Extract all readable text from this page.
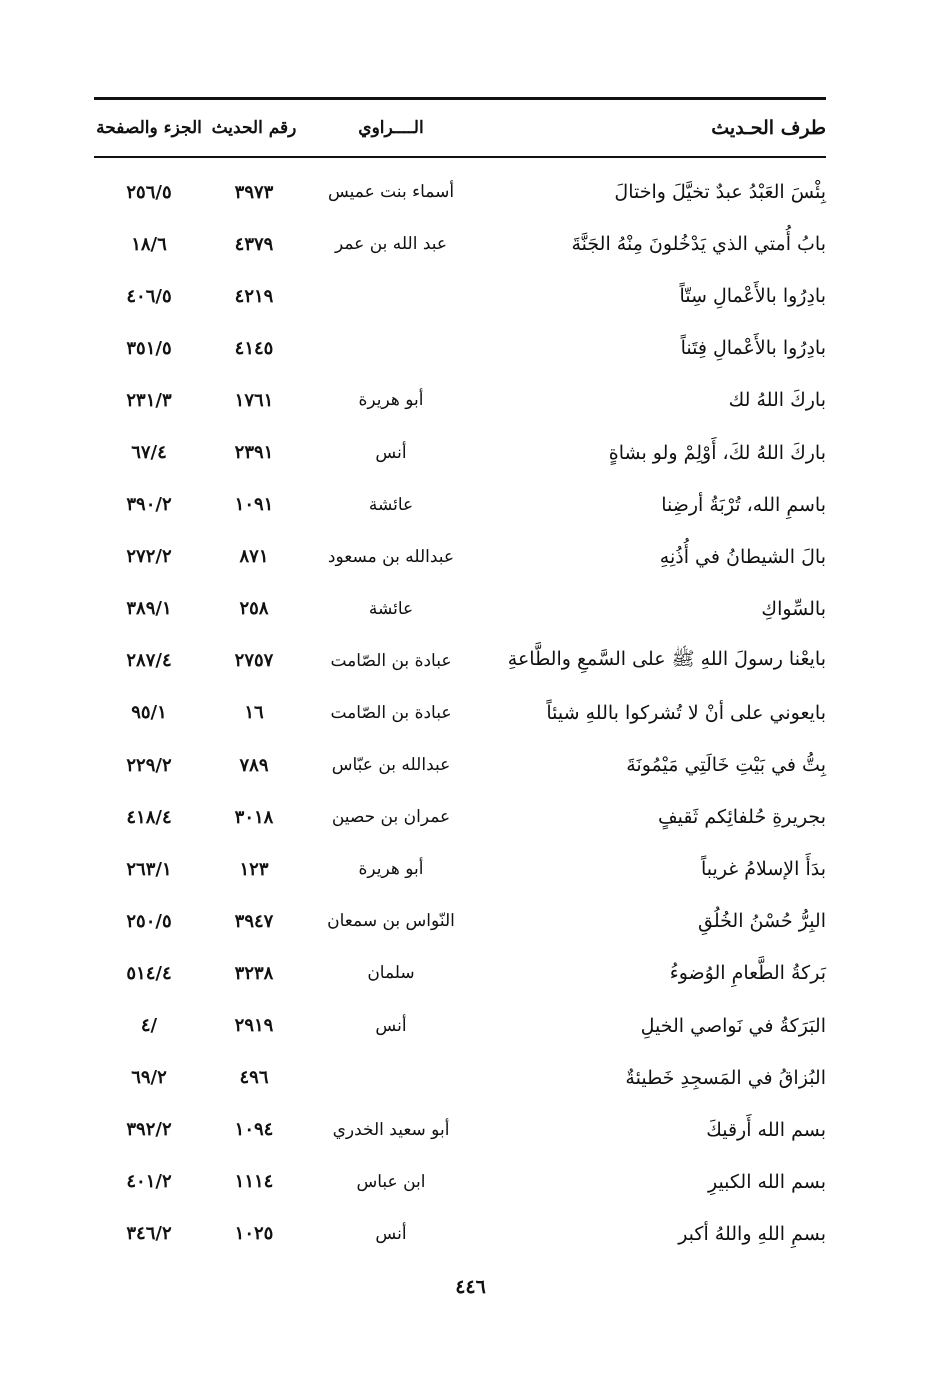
طرف الحـديث
الــــراوي
رقم الحديث
الجزء والصفحة
بِئْسَ العَبْدُ عبدٌ تخيَّلَ واختالَ
أسماء بنت عميس
٣٩٧٣
٢٥٦/٥
بابُ أُمتي الذي يَدْخُلونَ مِنْهُ الجَنَّةَ
عبد الله بن عمر
٤٣٧٩
١٨/٦
بادِرُوا بالأَعْمالِ سِتّاً
٤٢١٩
٤٠٦/٥
بادِرُوا بالأَعْمالِ فِتَناً
٤١٤٥
٣٥١/٥
باركَ اللهُ لك
أبو هريرة
١٧٦١
٢٣١/٣
باركَ اللهُ لكَ، أَوْلِمْ ولو بشاةٍ
أنس
٢٣٩١
٦٧/٤
باسمِ الله، تُرْبَةُ أرضِنا
عائشة
١٠٩١
٣٩٠/٢
بالَ الشيطانُ في أُذُنِهِ
عبدالله بن مسعود
٨٧١
٢٧٢/٢
بالسِّواكِ
عائشة
٢٥٨
٣٨٩/١
بايعْنا رسولَ اللهِ ﷺ على السَّمعِ والطَّاعةِ
عبادة بن الصّامت
٢٧٥٧
٢٨٧/٤
بايعوني على أنْ لا تُشركوا باللهِ شيئاً
عبادة بن الصّامت
١٦
٩٥/١
بِتُّ في بَيْتِ خَالَتِي مَيْمُونَةَ
عبدالله بن عبّاس
٧٨٩
٢٢٩/٢
بجريرةِ حُلفائِكم ثَقيفٍ
عمران بن حصين
٣٠١٨
٤١٨/٤
بدَأَ الإسلامُ غريباً
أبو هريرة
١٢٣
٢٦٣/١
البِرُّ حُسْنُ الخُلُقِ
النّواس بن سمعان
٣٩٤٧
٢٥٠/٥
بَركةُ الطَّعامِ الوُضوءُ
سلمان
٣٢٣٨
٥١٤/٤
البَرَكةُ في نَواصي الخيلِ
أنس
٢٩١٩
/٤
البُزاقُ في المَسجِدِ خَطيئةٌ
٤٩٦
٦٩/٢
بسم الله أَرقيكَ
أبو سعيد الخدري
١٠٩٤
٣٩٢/٢
بسم الله الكبيرِ
ابن عباس
١١١٤
٤٠١/٢
بسمِ اللهِ واللهُ أكبر
أنس
١٠٢٥
٣٤٦/٢
٤٤٦
